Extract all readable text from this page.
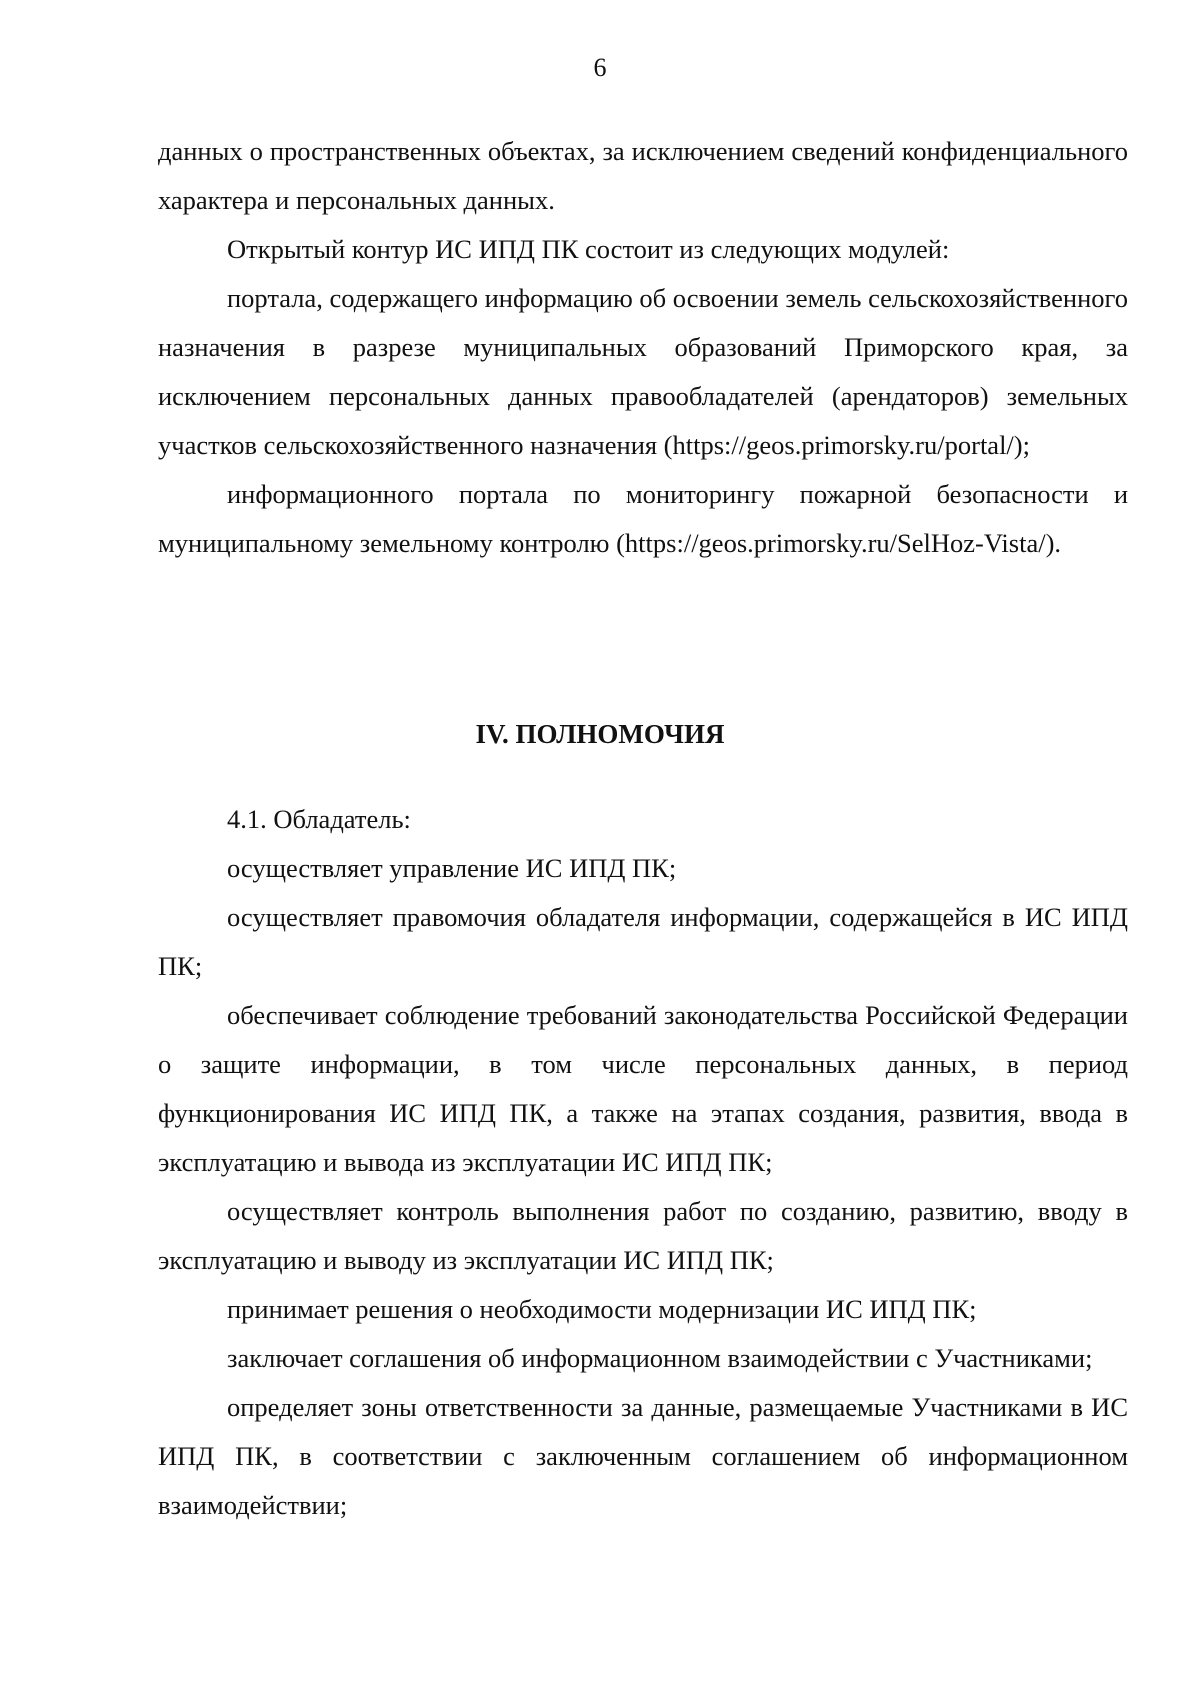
6

данных о пространственных объектах, за исключением сведений конфиденциального характера и персональных данных.

Открытый контур ИС ИПД ПК состоит из следующих модулей:

портала, содержащего информацию об освоении земель сельскохозяйственного назначения в разрезе муниципальных образований Приморского края, за исключением персональных данных правообладателей (арендаторов) земельных участков сельскохозяйственного назначения (https://geos.primorsky.ru/portal/);

информационного портала по мониторингу пожарной безопасности и муниципальному земельному контролю (https://geos.primorsky.ru/SelHoz-Vista/).

IV. ПОЛНОМОЧИЯ

4.1. Обладатель:

осуществляет управление ИС ИПД ПК;

осуществляет правомочия обладателя информации, содержащейся в ИС ИПД ПК;

обеспечивает соблюдение требований законодательства Российской Федерации о защите информации, в том числе персональных данных, в период функционирования ИС ИПД ПК, а также на этапах создания, развития, ввода в эксплуатацию и вывода из эксплуатации ИС ИПД ПК;

осуществляет контроль выполнения работ по созданию, развитию, вводу в эксплуатацию и выводу из эксплуатации ИС ИПД ПК;

принимает решения о необходимости модернизации ИС ИПД ПК;

заключает соглашения об информационном взаимодействии с Участниками;

определяет зоны ответственности за данные, размещаемые Участниками в ИС ИПД ПК, в соответствии с заключенным соглашением об информационном взаимодействии;
